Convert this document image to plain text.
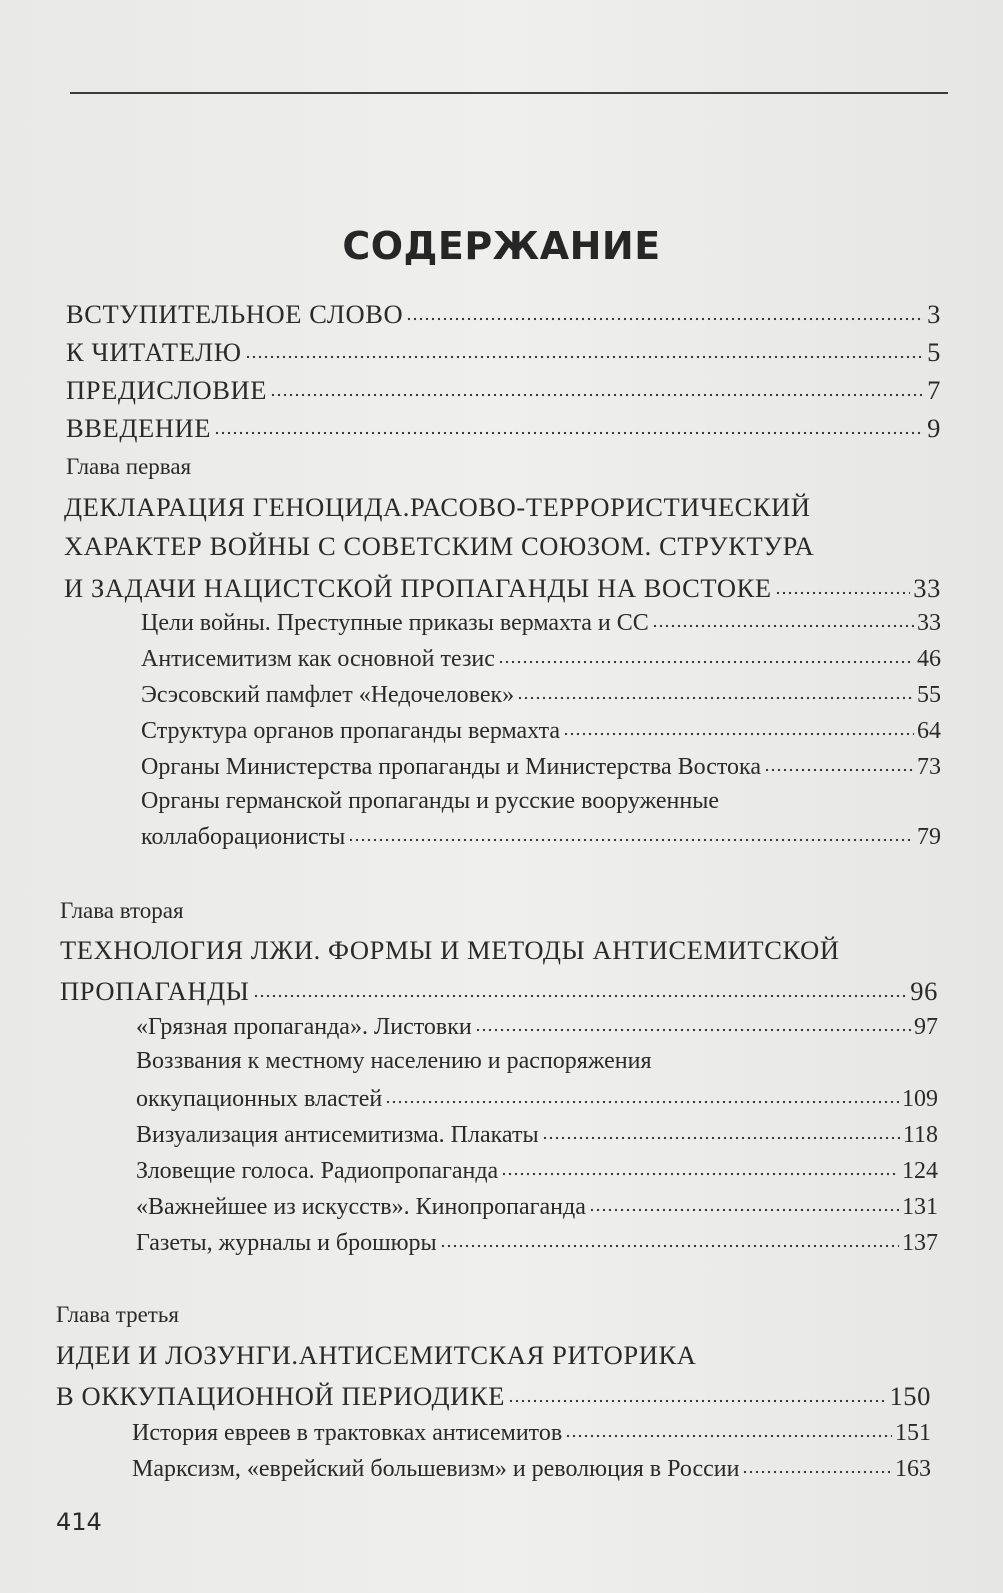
СОДЕРЖАНИЕ
ВСТУПИТЕЛЬНОЕ СЛОВО	3
К ЧИТАТЕЛЮ	5
ПРЕДИСЛОВИЕ	7
ВВЕДЕНИЕ	9
Глава первая
ДЕКЛАРАЦИЯ ГЕНОЦИДА.РАСОВО-ТЕРРОРИСТИЧЕСКИЙ
ХАРАКТЕР ВОЙНЫ С СОВЕТСКИМ СОЮЗОМ. СТРУКТУРА
И ЗАДАЧИ НАЦИСТСКОЙ ПРОПАГАНДЫ НА ВОСТОКЕ	33
Цели войны. Преступные приказы вермахта и СС	33
Антисемитизм как основной тезис	46
Эсэсовский памфлет «Недочеловек»	55
Структура органов пропаганды вермахта	64
Органы Министерства пропаганды и Министерства Востока	73
Органы германской пропаганды и русские вооруженные
коллаборационисты	79
Глава вторая
ТЕХНОЛОГИЯ ЛЖИ. ФОРМЫ И МЕТОДЫ АНТИСЕМИТСКОЙ
ПРОПАГАНДЫ	96
«Грязная пропаганда». Листовки	97
Воззвания к местному населению и распоряжения
оккупационных властей	109
Визуализация антисемитизма. Плакаты	118
Зловещие голоса. Радиопропаганда	124
«Важнейшее из искусств». Кинопропаганда	131
Газеты, журналы и брошюры	137
Глава третья
ИДЕИ И ЛОЗУНГИ.АНТИСЕМИТСКАЯ РИТОРИКА
В ОККУПАЦИОННОЙ ПЕРИОДИКЕ	150
История евреев в трактовках антисемитов	151
Марксизм, «еврейский большевизм» и революция в России	163
414
